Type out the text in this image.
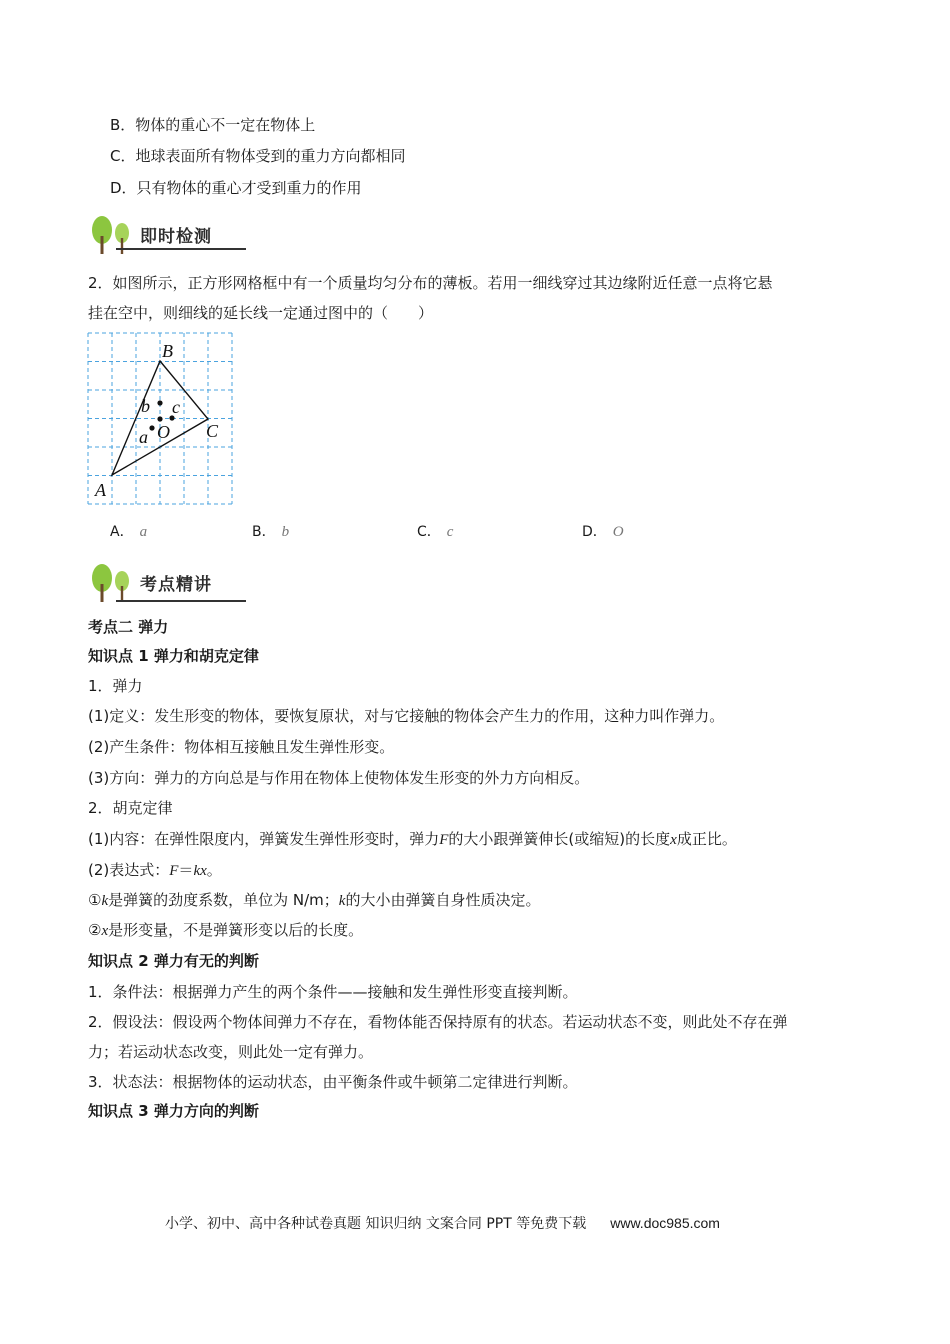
B．物体的重心不一定在物体上
C．地球表面所有物体受到的重力方向都相同
D．只有物体的重心才受到重力的作用
即时检测
2．如图所示，正方形网格框中有一个质量均匀分布的薄板。若用一细线穿过其边缘附近任意一点将它悬
挂在空中，则细线的延长线一定通过图中的（　　）
B
C
A
O
b c
a
A． a	B． b	C． c	D． O
考点精讲
考点二 弹力
知识点 1 弹力和胡克定律
1．弹力
(1)定义：发生形变的物体，要恢复原状，对与它接触的物体会产生力的作用，这种力叫作弹力。
(2)产生条件：物体相互接触且发生弹性形变。
(3)方向：弹力的方向总是与作用在物体上使物体发生形变的外力方向相反。
2．胡克定律
(1)内容：在弹性限度内，弹簧发生弹性形变时，弹力F的大小跟弹簧伸长(或缩短)的长度x成正比。
(2)表达式：F＝kx。
①k是弹簧的劲度系数，单位为 N/m；k的大小由弹簧自身性质决定。
②x是形变量，不是弹簧形变以后的长度。
知识点 2 弹力有无的判断
1．条件法：根据弹力产生的两个条件——接触和发生弹性形变直接判断。
2．假设法：假设两个物体间弹力不存在，看物体能否保持原有的状态。若运动状态不变，则此处不存在弹
力；若运动状态改变，则此处一定有弹力。
3．状态法：根据物体的运动状态，由平衡条件或牛顿第二定律进行判断。
知识点 3 弹力方向的判断
小学、初中、高中各种试卷真题 知识归纳 文案合同 PPT 等免费下载 www.doc985.com
